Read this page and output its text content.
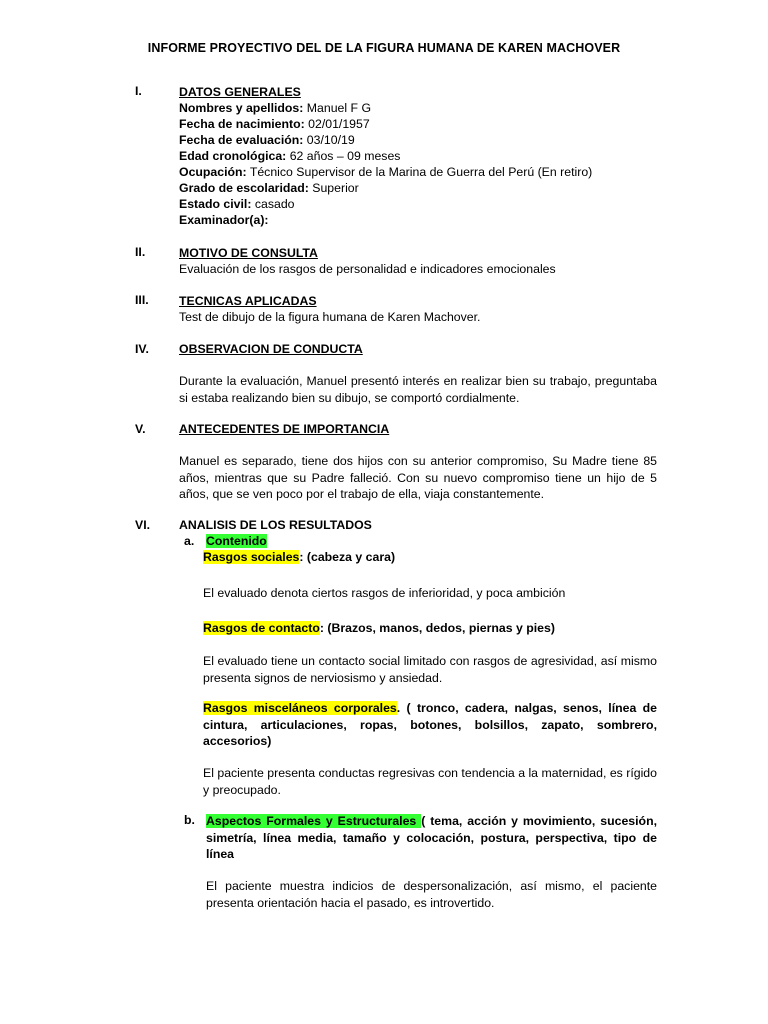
INFORME PROYECTIVO DEL DE LA FIGURA HUMANA DE KAREN MACHOVER
I.	DATOS GENERALES
Nombres y apellidos: Manuel F G
Fecha de nacimiento: 02/01/1957
Fecha de evaluación: 03/10/19
Edad cronológica: 62 años – 09 meses
Ocupación: Técnico Supervisor de la Marina de Guerra del Perú (En retiro)
Grado de escolaridad: Superior
Estado civil: casado
Examinador(a):
II.	MOTIVO DE CONSULTA
Evaluación de los rasgos de personalidad e indicadores emocionales
III. TECNICAS APLICADAS
Test de dibujo de la figura humana de Karen Machover.
IV. OBSERVACION DE CONDUCTA
Durante la evaluación, Manuel presentó interés en realizar bien su trabajo, preguntaba si estaba realizando bien su dibujo, se comportó cordialmente.
V.	ANTECEDENTES DE IMPORTANCIA
Manuel es separado, tiene dos hijos con su anterior compromiso, Su Madre tiene 85 años, mientras que su Padre falleció. Con su nuevo compromiso tiene un hijo de 5 años, que se ven poco por el trabajo de ella, viaja constantemente.
VI. ANALISIS DE LOS RESULTADOS
a. Contenido
Rasgos sociales: (cabeza y cara)
El evaluado denota ciertos rasgos de inferioridad, y poca ambición
Rasgos de contacto: (Brazos, manos, dedos, piernas y pies)
El evaluado tiene un contacto social limitado con rasgos de agresividad, así mismo presenta signos de nerviosismo y ansiedad.
Rasgos misceláneos corporales. ( tronco, cadera, nalgas, senos, línea de cintura, articulaciones, ropas, botones, bolsillos, zapato, sombrero, accesorios)
El paciente presenta conductas regresivas con tendencia a la maternidad, es rígido y preocupado.
b. Aspectos Formales y Estructurales ( tema, acción y movimiento, sucesión, simetría, línea media, tamaño y colocación, postura, perspectiva, tipo de línea
El paciente muestra indicios de despersonalización, así mismo, el paciente presenta orientación hacia el pasado, es introvertido.
